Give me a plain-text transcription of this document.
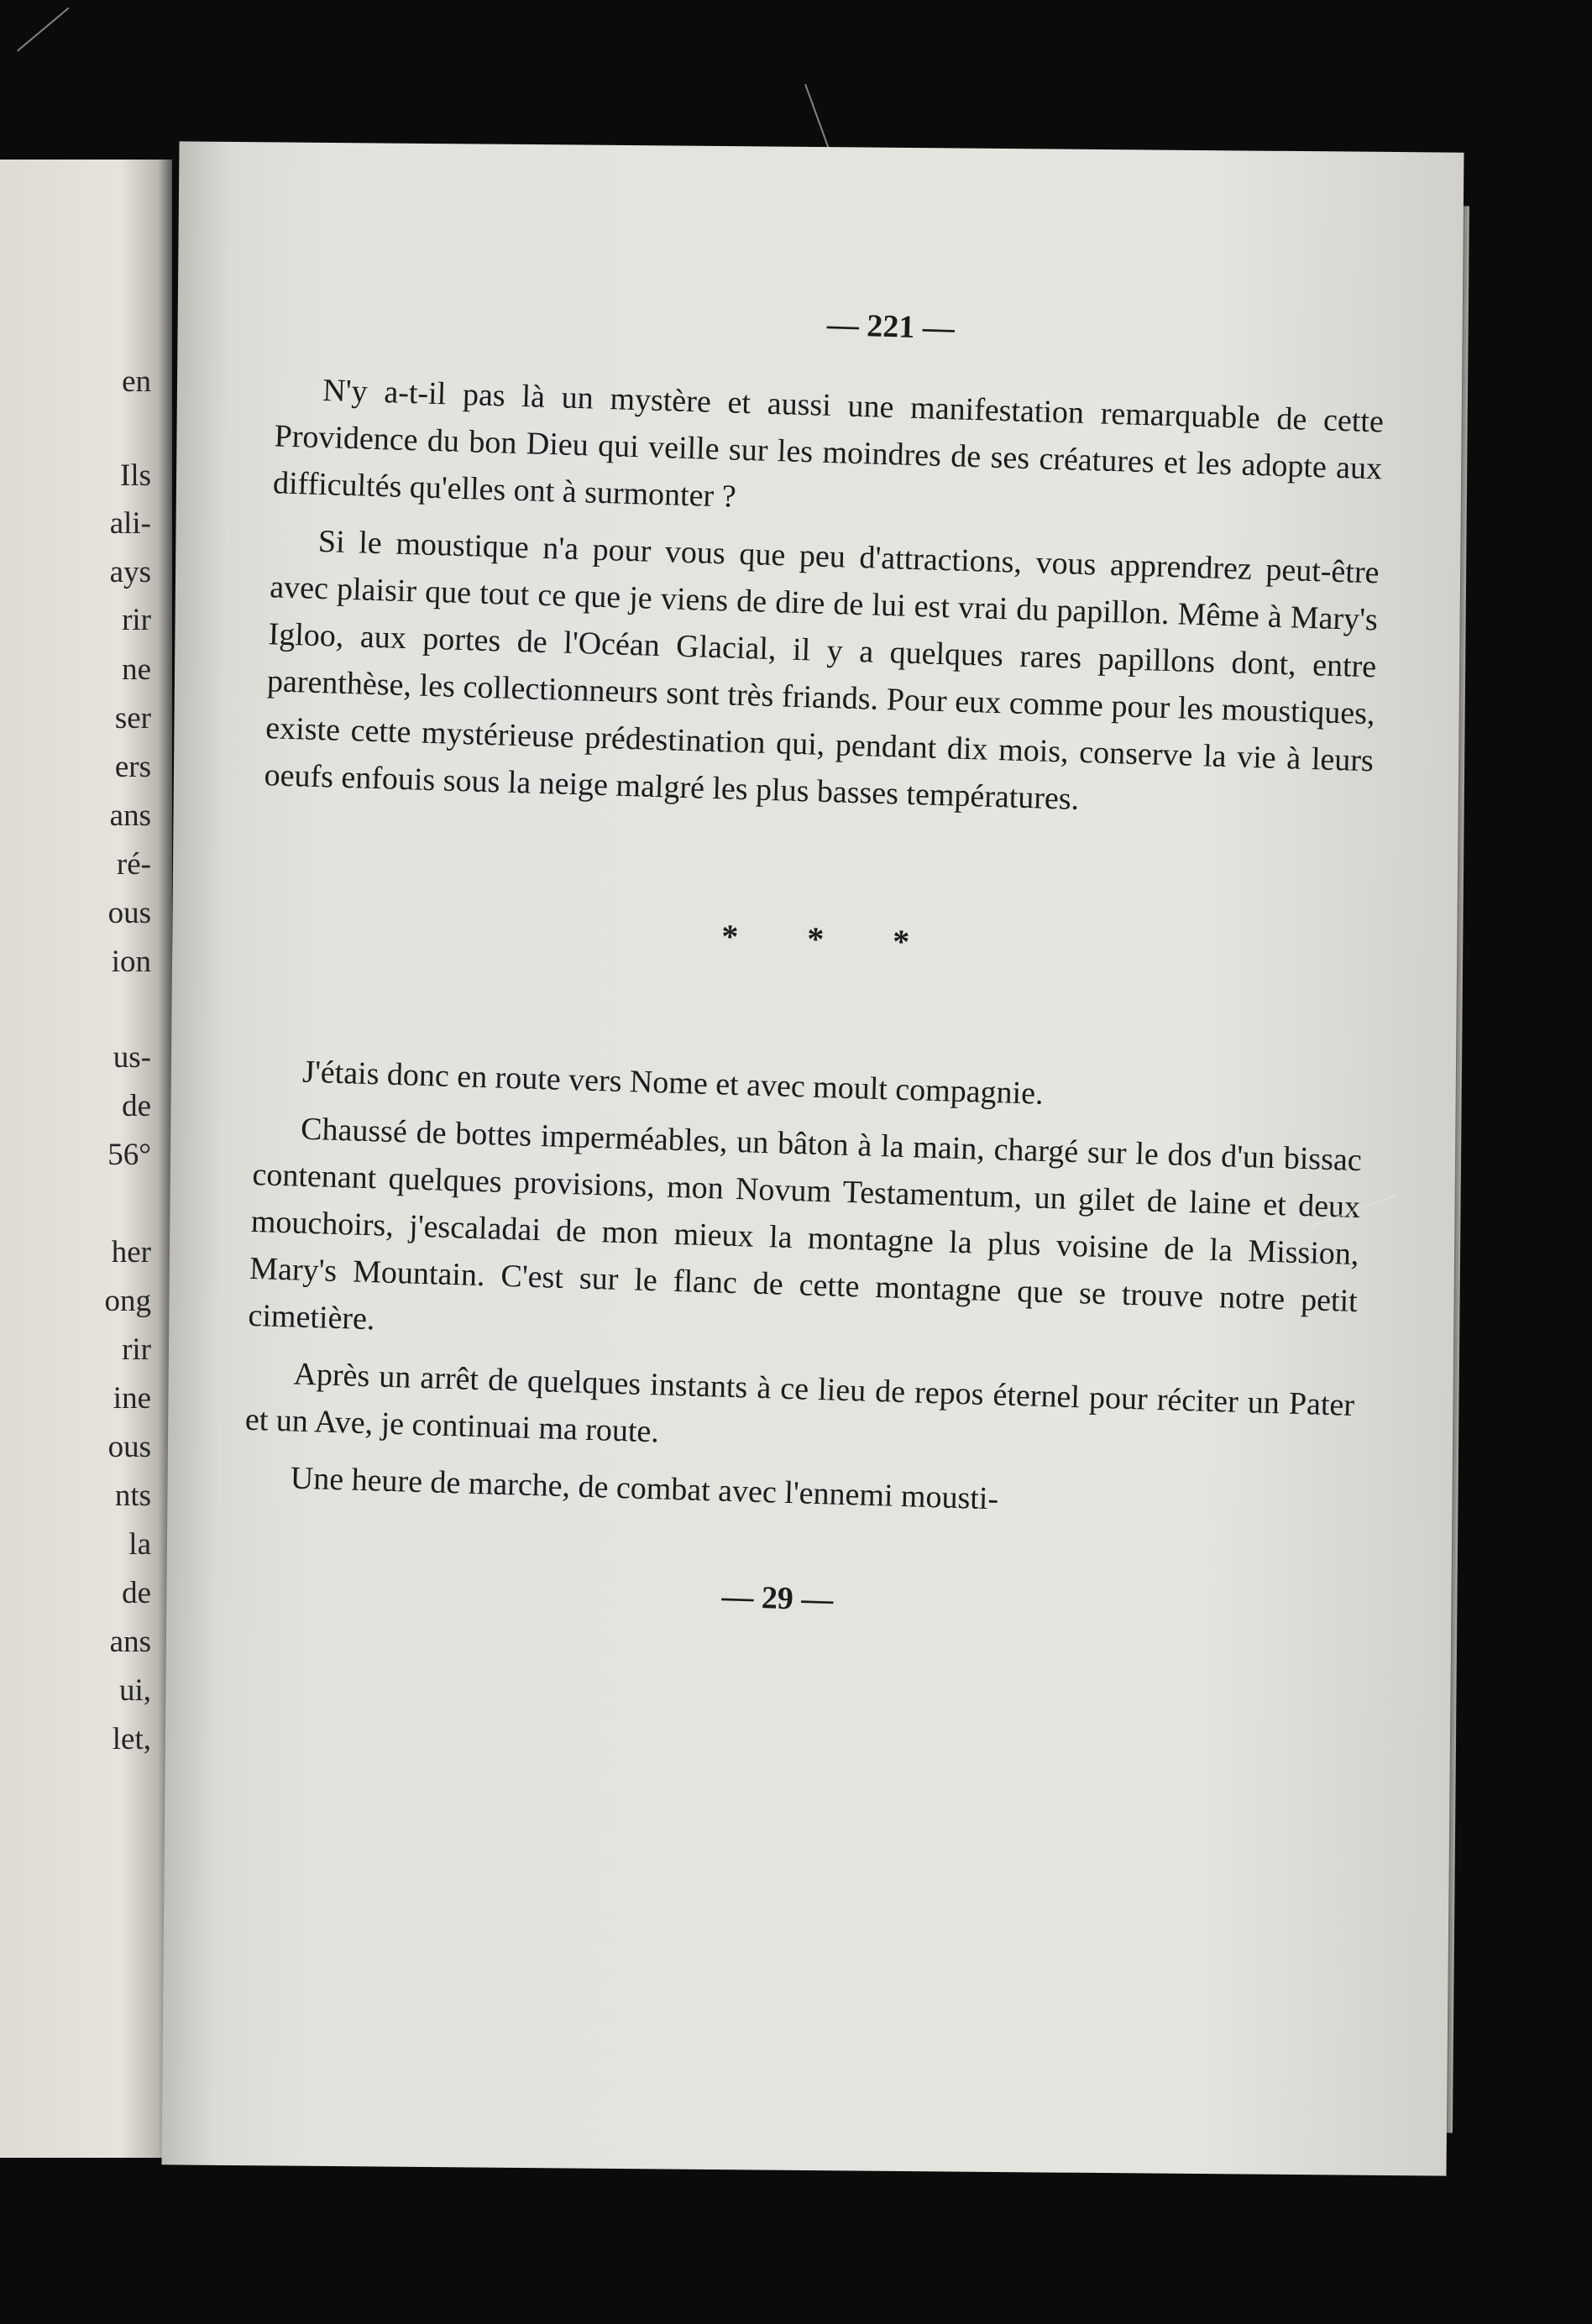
en
Ils
ali-
ays
rir
ne
ser
ers
ans
ré-
ous
ion
us-
de
56°
her
ong
rir
ine
ous
nts
la
de
ans
ui,
let,
— 221 —

N'y a-t-il pas là un mystère et aussi une manifestation remarquable de cette Providence du bon Dieu qui veille sur les moindres de ses créatures et les adopte aux difficultés qu'elles ont à surmonter ?

Si le moustique n'a pour vous que peu d'attractions, vous apprendrez peut-être avec plaisir que tout ce que je viens de dire de lui est vrai du papillon. Même à Mary's Igloo, aux portes de l'Océan Glacial, il y a quelques rares papillons dont, entre parenthèse, les collectionneurs sont très friands. Pour eux comme pour les moustiques, existe cette mystérieuse prédestination qui, pendant dix mois, conserve la vie à leurs oeufs enfouis sous la neige malgré les plus basses températures.

* * *

J'étais donc en route vers Nome et avec moult compagnie.

Chaussé de bottes imperméables, un bâton à la main, chargé sur le dos d'un bissac contenant quelques provisions, mon Novum Testamentum, un gilet de laine et deux mouchoirs, j'escaladai de mon mieux la montagne la plus voisine de la Mission, Mary's Mountain. C'est sur le flanc de cette montagne que se trouve notre petit cimetière.

Après un arrêt de quelques instants à ce lieu de repos éternel pour réciter un Pater et un Ave, je continuai ma route.

Une heure de marche, de combat avec l'ennemi mousti-

— 29 —
